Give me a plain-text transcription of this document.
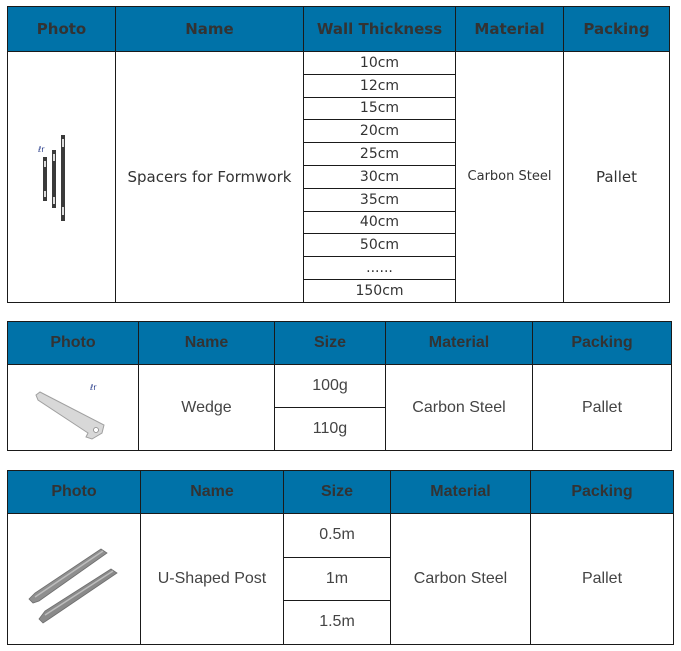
Photo	Name	Wall Thickness	Material	Packing

ℓr	Spacers for Formwork	10cm	Carbon Steel	Pallet
		12cm		
		15cm		
		20cm		
		25cm		
		30cm		
		35cm		
		40cm		
		50cm		
		......		
		150cm		
Photo	Name	Size	Material	Packing

ℓr	Wedge	100g	Carbon Steel	Pallet
		110g		
Photo	Name	Size	Material	Packing

	U-Shaped Post	0.5m	Carbon Steel	Pallet
		1m		
		1.5m		
